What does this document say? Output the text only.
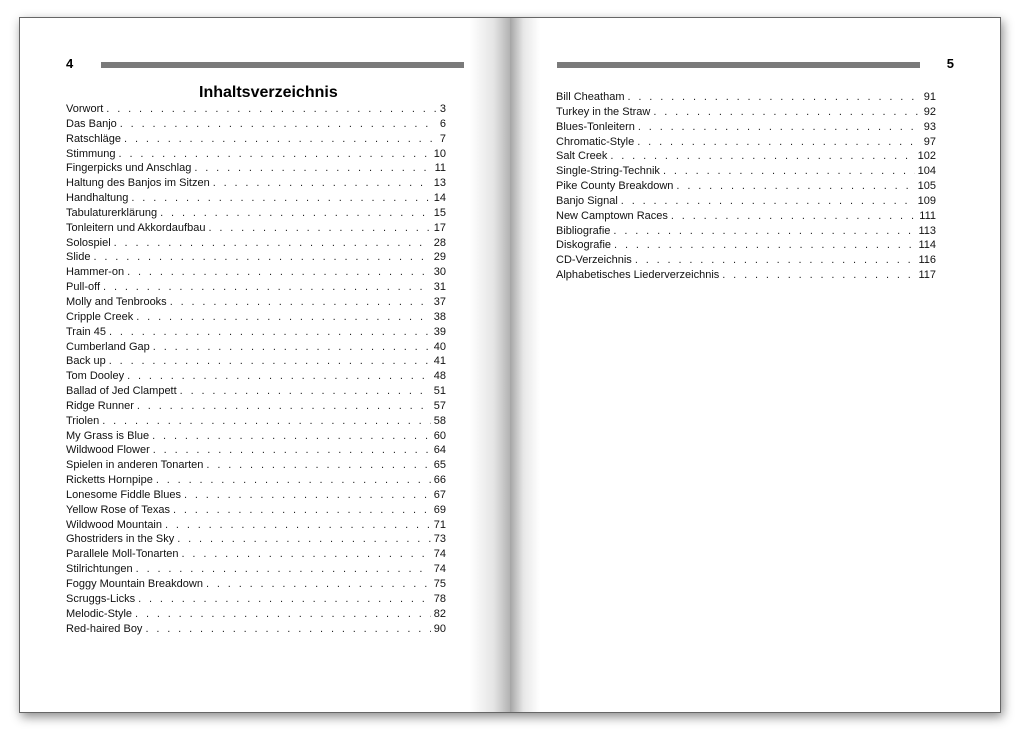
4
Inhaltsverzeichnis
Vorwort . . .	3
Das Banjo . . .	6
Ratschläge . . .	7
Stimmung . . .	10
Fingerpicks und Anschlag . . .	11
Haltung des Banjos im Sitzen . . .	13
Handhaltung . . .	14
Tabulaturerklärung . . .	15
Tonleitern und Akkordaufbau . . .	17
Solospiel . . .	28
Slide . . .	29
Hammer-on . . .	30
Pull-off . . .	31
Molly and Tenbrooks . . .	37
Cripple Creek . . .	38
Train 45 . . .	39
Cumberland Gap . . .	40
Back up . . .	41
Tom Dooley . . .	48
Ballad of Jed Clampett . . .	51
Ridge Runner . . .	57
Triolen . . .	58
My Grass is Blue . . .	60
Wildwood Flower . . .	64
Spielen in anderen Tonarten . . .	65
Ricketts Hornpipe . . .	66
Lonesome Fiddle Blues . . .	67
Yellow Rose of Texas . . .	69
Wildwood Mountain . . .	71
Ghostriders in the Sky . . .	73
Parallele Moll-Tonarten . . .	74
Stilrichtungen . . .	74
Foggy Mountain Breakdown . . .	75
Scruggs-Licks . . .	78
Melodic-Style . . .	82
Red-haired Boy . . .	90
5
Bill Cheatham . . .	91
Turkey in the Straw . . .	92
Blues-Tonleitern . . .	93
Chromatic-Style . . .	97
Salt Creek . . .	102
Single-String-Technik . . .	104
Pike County Breakdown . . .	105
Banjo Signal . . .	109
New Camptown Races . . .	111
Bibliografie . . .	113
Diskografie . . .	114
CD-Verzeichnis . . .	116
Alphabetisches Liederverzeichnis . . .	117
